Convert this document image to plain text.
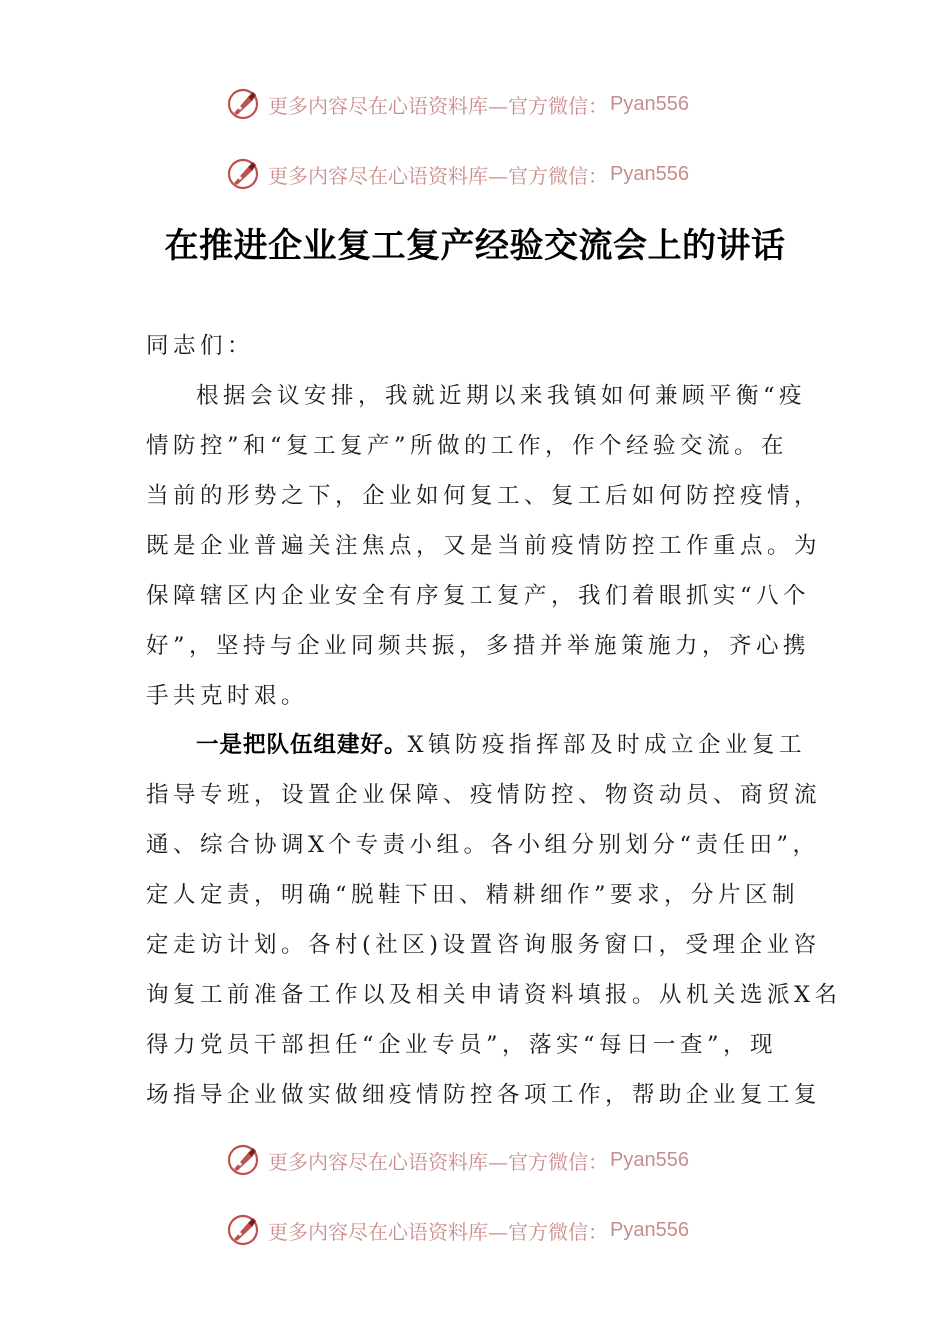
更多内容尽在心语资料库—官方微信： Pyan556
更多内容尽在心语资料库—官方微信： Pyan556
在推进企业复工复产经验交流会上的讲话
同志们：
根据会议安排，我就近期以来我镇如何兼顾平衡“疫
情防控”和“复工复产”所做的工作，作个经验交流。在
当前的形势之下，企业如何复工、复工后如何防控疫情，
既是企业普遍关注焦点，又是当前疫情防控工作重点。为
保障辖区内企业安全有序复工复产，我们着眼抓实“八个
好”，坚持与企业同频共振，多措并举施策施力，齐心携
手共克时艰。
一是把队伍组建好。X镇防疫指挥部及时成立企业复工
指导专班，设置企业保障、疫情防控、物资动员、商贸流
通、综合协调X个专责小组。各小组分别划分“责任田”，
定人定责，明确“脱鞋下田、精耕细作”要求，分片区制
定走访计划。各村(社区)设置咨询服务窗口，受理企业咨
询复工前准备工作以及相关申请资料填报。从机关选派X名
得力党员干部担任“企业专员”，落实“每日一查”，现
场指导企业做实做细疫情防控各项工作，帮助企业复工复
更多内容尽在心语资料库—官方微信： Pyan556
更多内容尽在心语资料库—官方微信： Pyan556
